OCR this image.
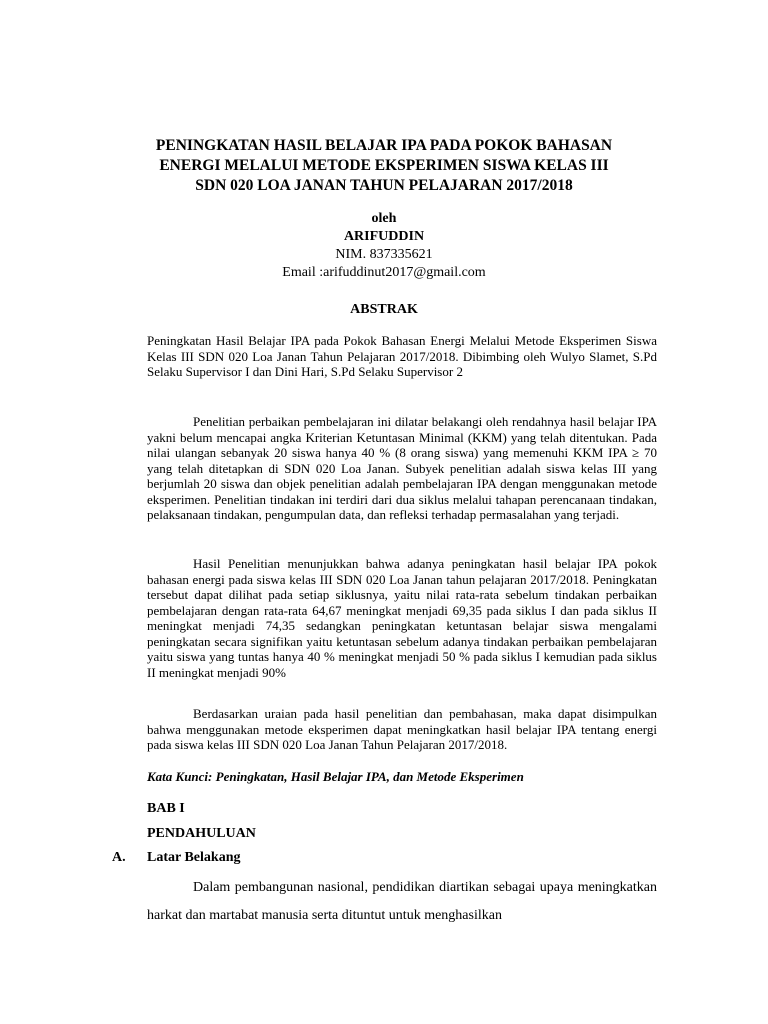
PENINGKATAN HASIL BELAJAR IPA PADA POKOK BAHASAN
ENERGI MELALUI METODE EKSPERIMEN SISWA KELAS III
SDN 020 LOA JANAN TAHUN PELAJARAN 2017/2018
oleh
ARIFUDDIN
NIM. 837335621
Email :arifuddinut2017@gmail.com
ABSTRAK

Peningkatan Hasil Belajar IPA pada Pokok Bahasan Energi Melalui Metode Eksperimen Siswa Kelas III SDN 020 Loa Janan Tahun Pelajaran 2017/2018. Dibimbing oleh Wulyo Slamet, S.Pd Selaku Supervisor I dan Dini Hari, S.Pd Selaku Supervisor 2

Penelitian perbaikan pembelajaran ini dilatar belakangi oleh rendahnya hasil belajar IPA yakni belum mencapai angka Kriterian Ketuntasan Minimal (KKM) yang telah ditentukan. Pada nilai ulangan sebanyak 20 siswa hanya 40 % (8 orang siswa) yang memenuhi KKM IPA ≥ 70 yang telah ditetapkan di SDN 020 Loa Janan. Subyek penelitian adalah siswa kelas III yang berjumlah 20 siswa dan objek penelitian adalah pembelajaran IPA dengan menggunakan metode eksperimen. Penelitian tindakan ini terdiri dari dua siklus melalui tahapan perencanaan tindakan, pelaksanaan tindakan, pengumpulan data, dan refleksi terhadap permasalahan yang terjadi.

Hasil Penelitian menunjukkan bahwa adanya peningkatan hasil belajar IPA pokok bahasan energi pada siswa kelas III SDN 020 Loa Janan tahun pelajaran 2017/2018. Peningkatan tersebut dapat dilihat pada setiap siklusnya, yaitu nilai rata-rata sebelum tindakan perbaikan pembelajaran dengan rata-rata 64,67 meningkat menjadi 69,35 pada siklus I dan pada siklus II meningkat menjadi 74,35 sedangkan peningkatan ketuntasan belajar siswa mengalami peningkatan secara signifikan yaitu ketuntasan sebelum adanya tindakan perbaikan pembelajaran yaitu siswa yang tuntas hanya 40 % meningkat menjadi 50 % pada siklus I kemudian pada siklus II meningkat menjadi 90%

Berdasarkan uraian pada hasil penelitian dan pembahasan, maka dapat disimpulkan bahwa menggunakan metode eksperimen dapat meningkatkan hasil belajar IPA tentang energi pada siswa kelas III SDN 020 Loa Janan Tahun Pelajaran 2017/2018.

Kata Kunci: Peningkatan, Hasil Belajar IPA, dan Metode Eksperimen
BAB I
PENDAHULUAN
A. Latar Belakang

Dalam pembangunan nasional, pendidikan diartikan sebagai upaya meningkatkan harkat dan martabat manusia serta dituntut untuk menghasilkan
